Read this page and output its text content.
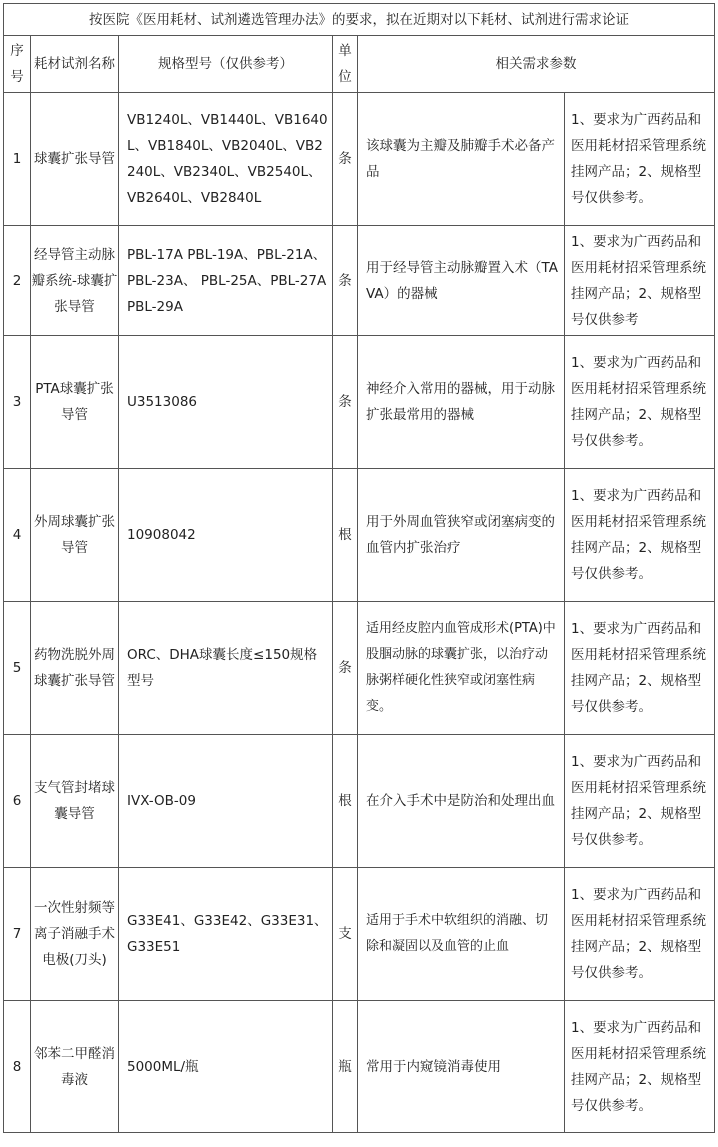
按医院《医用耗材、试剂遴选管理办法》的要求，拟在近期对以下耗材、试剂进行需求论证					
序号	耗材试剂名称	规格型号（仅供参考）	单位	相关需求参数	
1	球囊扩张导管	VB1240L、VB1440L、VB1640L、VB1840L、VB2040L、VB2240L、VB2340L、VB2540L、VB2640L、VB2840L	条	该球囊为主瓣及肺瓣手术必备产品	1、要求为广西药品和医用耗材招采管理系统挂网产品；2、规格型号仅供参考。
2	经导管主动脉瓣系统-球囊扩张导管	PBL-17A PBL-19A、PBL-21A、 PBL-23A、 PBL-25A、PBL-27A PBL-29A	条	用于经导管主动脉瓣置入术（TAVA）的器械	1、要求为广西药品和医用耗材招采管理系统挂网产品；2、规格型号仅供参考
3	PTA球囊扩张导管	U3513086	条	神经介入常用的器械，用于动脉扩张最常用的器械	1、要求为广西药品和医用耗材招采管理系统挂网产品；2、规格型号仅供参考。
4	外周球囊扩张导管	10908042	根	用于外周血管狭窄或闭塞病变的血管内扩张治疗	1、要求为广西药品和医用耗材招采管理系统挂网产品；2、规格型号仅供参考。
5	药物洗脱外周球囊扩张导管	ORC、DHA球囊长度≤150规格型号	条	适用经皮腔内血管成形术(PTA)中股腘动脉的球囊扩张，以治疗动脉粥样硬化性狭窄或闭塞性病变。	1、要求为广西药品和医用耗材招采管理系统挂网产品；2、规格型号仅供参考。
6	支气管封堵球囊导管	IVX-OB-09	根	在介入手术中是防治和处理出血	1、要求为广西药品和医用耗材招采管理系统挂网产品；2、规格型号仅供参考。
7	一次性射频等离子消融手术电极(刀头)	G33E41、G33E42、G33E31、G33E51	支	适用于手术中软组织的消融、切除和凝固以及血管的止血	1、要求为广西药品和医用耗材招采管理系统挂网产品；2、规格型号仅供参考。
8	邻苯二甲醛消毒液	5000ML/瓶	瓶	常用于内窥镜消毒使用	1、要求为广西药品和医用耗材招采管理系统挂网产品；2、规格型号仅供参考。
